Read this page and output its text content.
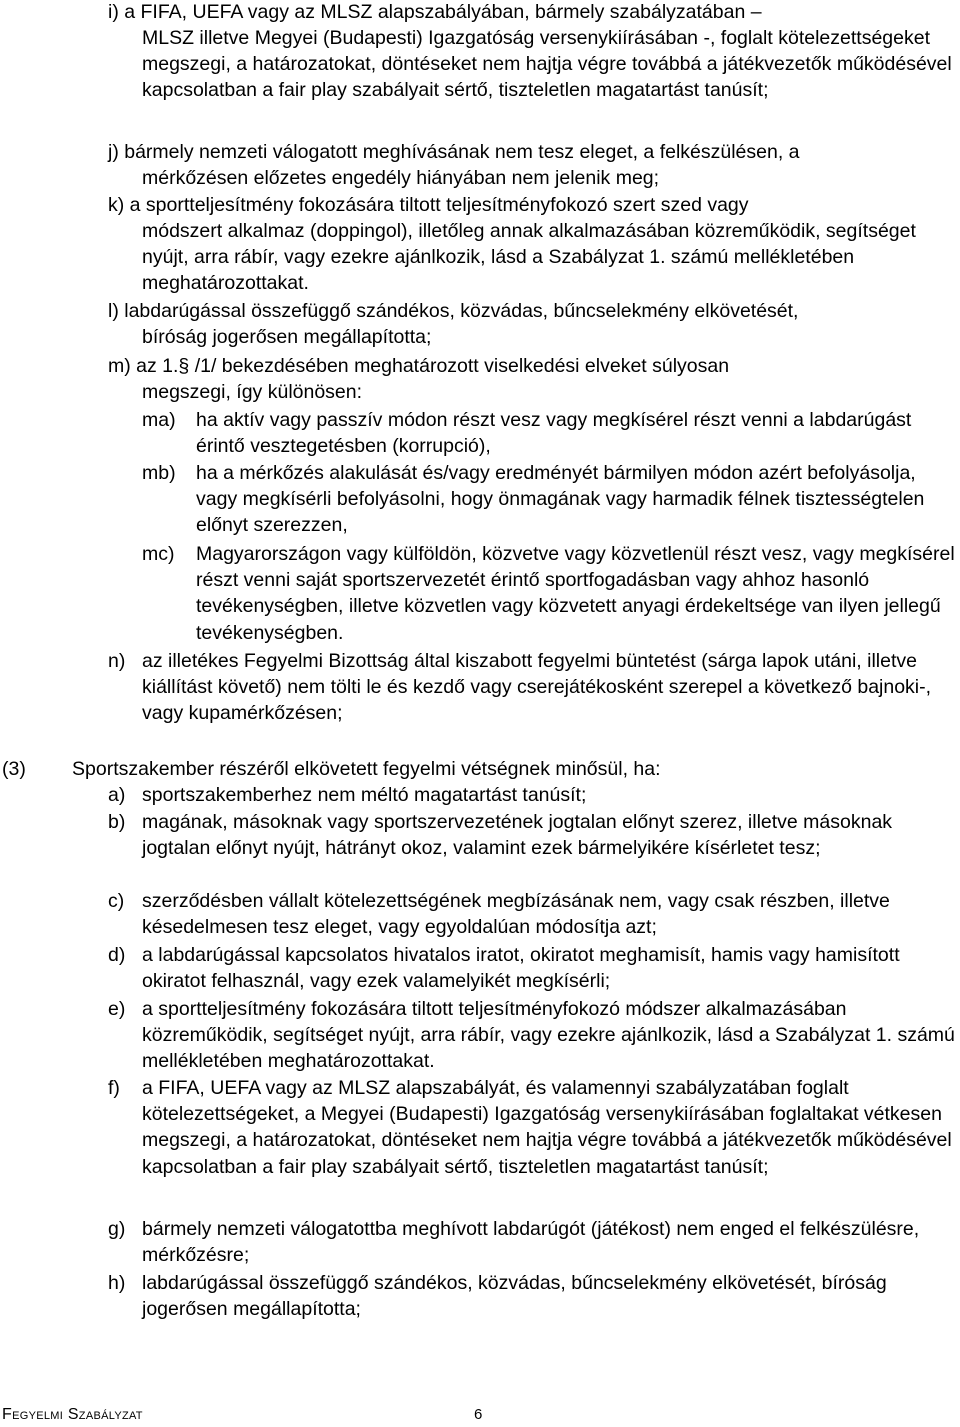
i) a FIFA, UEFA vagy az MLSZ alapszabályában, bármely szabályzatában –

MLSZ illetve Megyei (Budapesti) Igazgatóság versenykiírásában -, foglalt kötelezettségeket megszegi, a határozatokat, döntéseket nem hajtja végre továbbá a játékvezetők működésével kapcsolatban a fair play szabályait sértő, tiszteletlen magatartást tanúsít;

j) bármely nemzeti válogatott meghívásának nem tesz eleget, a felkészülésen, a

mérkőzésen előzetes engedély hiányában nem jelenik meg;

k) a sportteljesítmény fokozására tiltott teljesítményfokozó szert szed vagy

módszert alkalmaz (doppingol), illetőleg annak alkalmazásában közreműködik, segítséget nyújt, arra rábír, vagy ezekre ajánlkozik, lásd a Szabályzat 1. számú mellékletében meghatározottakat.

l) labdarúgással összefüggő szándékos, közvádas, bűncselekmény elkövetését,

bíróság jogerősen megállapította;

m) az 1.§ /1/ bekezdésében meghatározott viselkedési elveket súlyosan

megszegi, így különösen:

ma) ha aktív vagy passzív módon részt vesz vagy megkísérel részt venni a labdarúgást érintő vesztegetésben (korrupció),

mb) ha a mérkőzés alakulását és/vagy eredményét bármilyen módon azért befolyásolja, vagy megkísérli befolyásolni, hogy önmagának vagy harmadik félnek tisztességtelen előnyt szerezzen,

mc) Magyarországon vagy külföldön, közvetve vagy közvetlenül részt vesz, vagy megkísérel részt venni saját sportszervezetét érintő sportfogadásban vagy ahhoz hasonló tevékenységben, illetve közvetlen vagy közvetett anyagi érdekeltsége van ilyen jellegű tevékenységben.

n) az illetékes Fegyelmi Bizottság által kiszabott fegyelmi büntetést (sárga lapok utáni, illetve kiállítást követő) nem tölti le és kezdő vagy cserejátékosként szerepel a következő bajnoki-, vagy kupamérkőzésen;

(3) Sportszakember részéről elkövetett fegyelmi vétségnek minősül, ha:
a) sportszakemberhez nem méltó magatartást tanúsít;

b) magának, másoknak vagy sportszervezetének jogtalan előnyt szerez, illetve másoknak jogtalan előnyt nyújt, hátrányt okoz, valamint ezek bármelyikére kísérletet tesz;

c) szerződésben vállalt kötelezettségének megbízásának nem, vagy csak részben, illetve késedelmesen tesz eleget, vagy egyoldalúan módosítja azt;

d) a labdarúgással kapcsolatos hivatalos iratot, okiratot meghamisít, hamis vagy hamisított okiratot felhasznál, vagy ezek valamelyikét megkísérli;

e) a sportteljesítmény fokozására tiltott teljesítményfokozó módszer alkalmazásában közreműködik, segítséget nyújt, arra rábír, vagy ezekre ajánlkozik, lásd a Szabályzat 1. számú mellékletében meghatározottakat.

f) a FIFA, UEFA vagy az MLSZ alapszabályát, és valamennyi szabályzatában foglalt kötelezettségeket, a Megyei (Budapesti) Igazgatóság versenykiírásában foglaltakat vétkesen megszegi, a határozatokat, döntéseket nem hajtja végre továbbá a játékvezetők működésével kapcsolatban a fair play szabályait sértő, tiszteletlen magatartást tanúsít;

g) bármely nemzeti válogatottba meghívott labdarúgót (játékost) nem enged el felkészülésre, mérkőzésre;

h) labdarúgással összefüggő szándékos, közvádas, bűncselekmény elkövetését, bíróság jogerősen megállapította;

Fegyelmi Szabályzat	6
